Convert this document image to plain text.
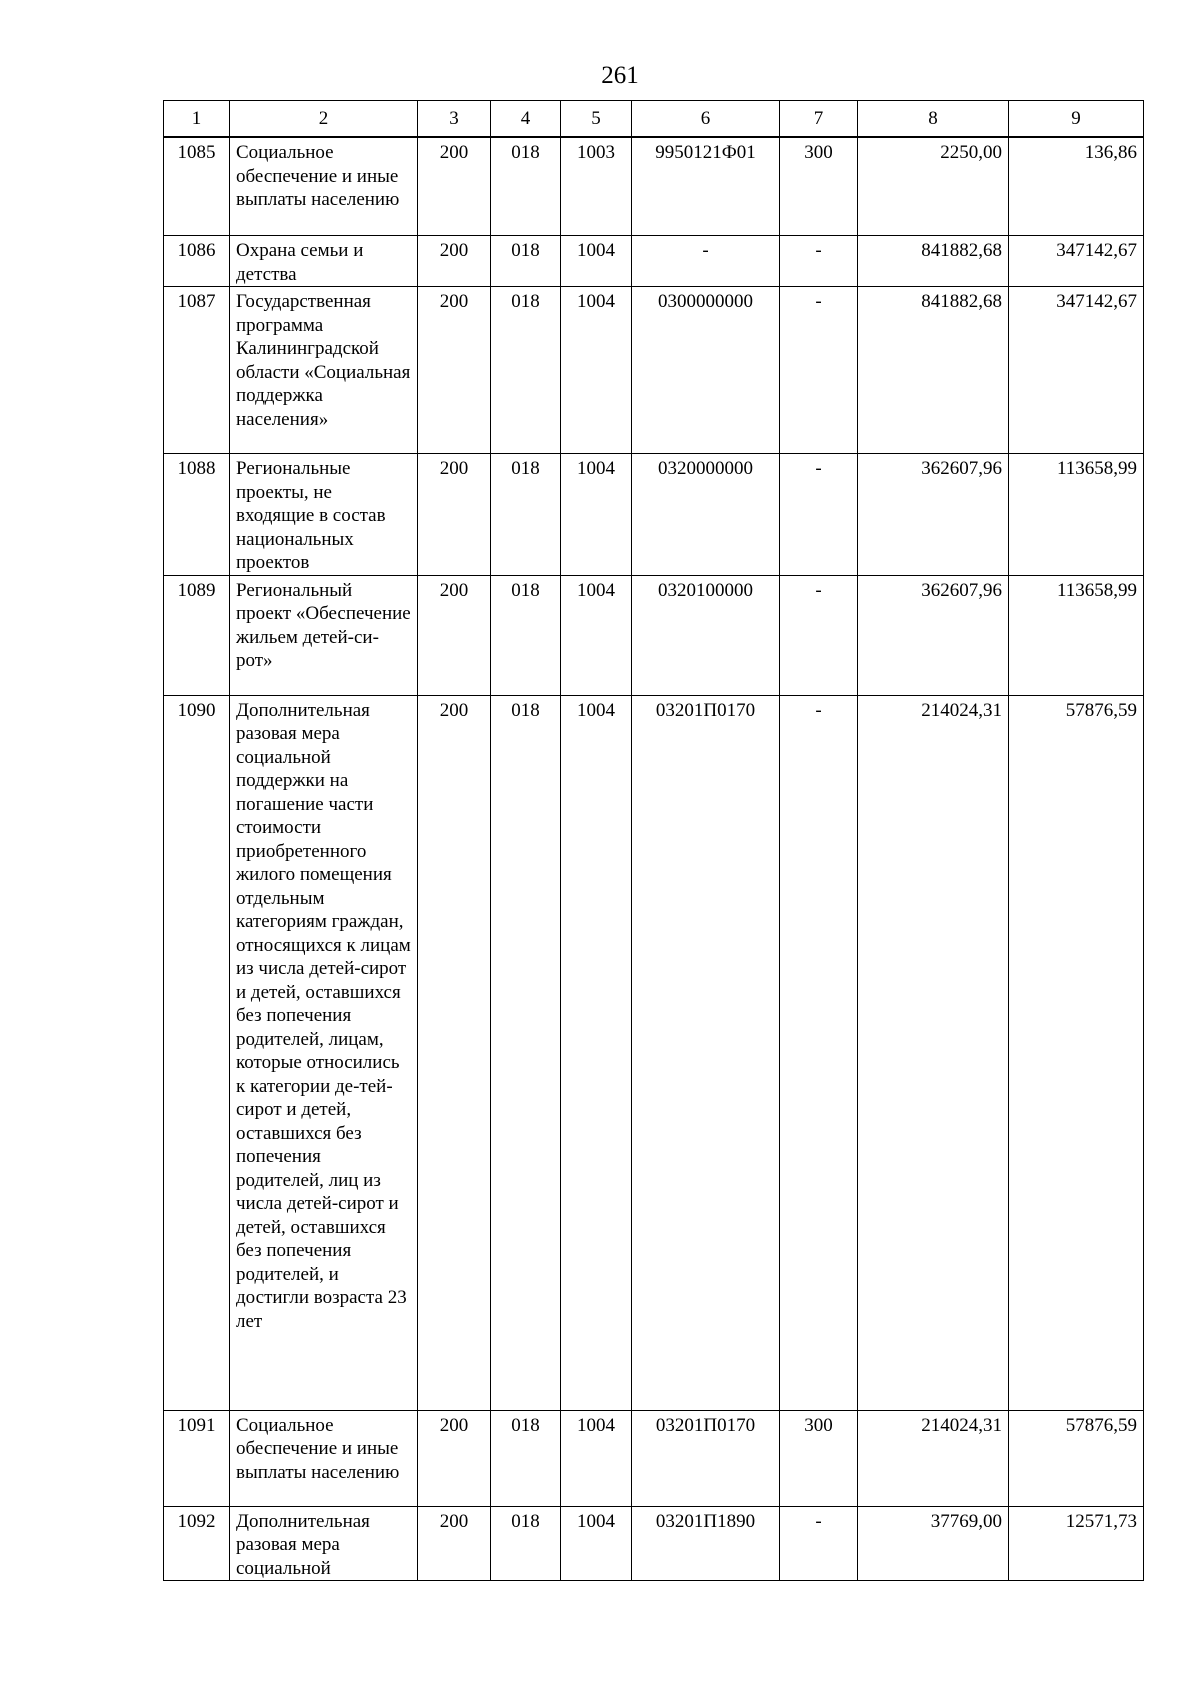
261
1	2	3	4	5	6	7	8	9
1085	Социальное обеспечение и иные выплаты населению	200	018	1003	9950121Ф01	300	2250,00	136,86
1086	Охрана семьи и детства	200	018	1004	-	-	841882,68	347142,67
1087	Государственная программа Калининградской области «Социальная поддержка населения»	200	018	1004	0300000000	-	841882,68	347142,67
1088	Региональные проекты, не входящие в состав национальных проектов	200	018	1004	0320000000	-	362607,96	113658,99
1089	Региональный проект «Обеспечение жильем детей-си-рот»	200	018	1004	0320100000	-	362607,96	113658,99
1090	Дополнительная разовая мера социальной поддержки на погашение части стоимости приобретенного жилого помещения отдельным категориям граждан, относящихся к лицам из числа детей-сирот и детей, оставшихся без попечения родителей, лицам, которые относились к категории де-тей-сирот и детей, оставшихся без попечения родителей, лиц из числа детей-сирот и детей, оставшихся без попечения родителей, и достигли возраста 23 лет	200	018	1004	03201П0170	-	214024,31	57876,59
1091	Социальное обеспечение и иные выплаты населению	200	018	1004	03201П0170	300	214024,31	57876,59
1092	Дополнительная разовая мера социальной	200	018	1004	03201П1890	-	37769,00	12571,73
